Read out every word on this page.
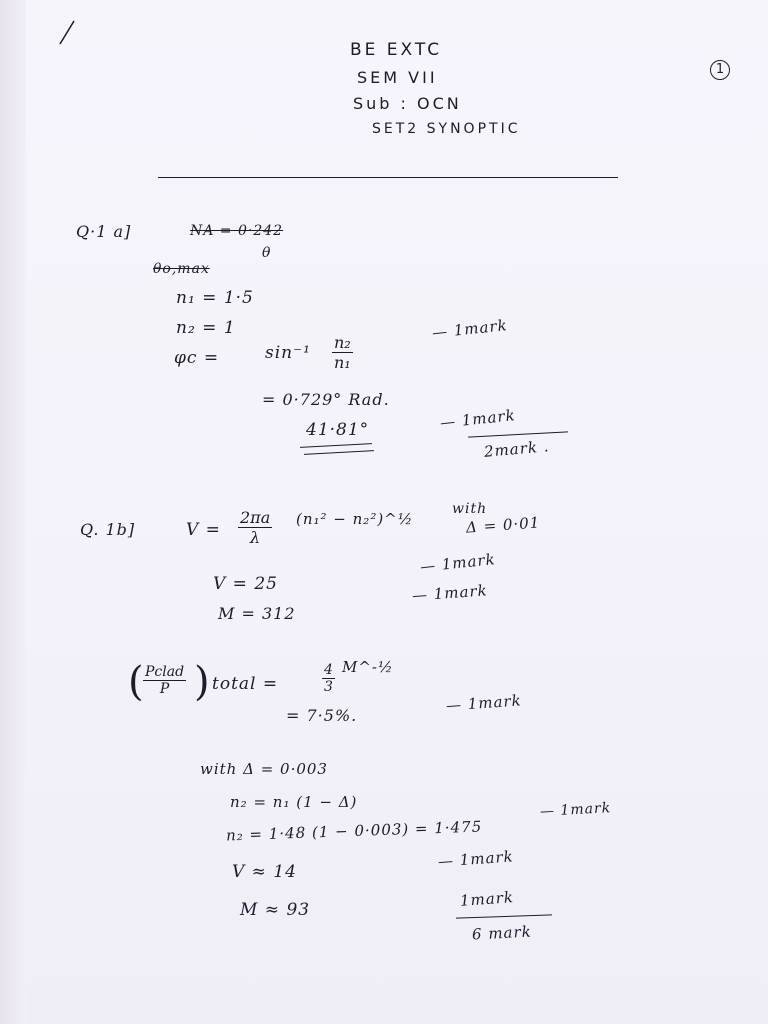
BE EXTC
SEM VII
Sub : OCN
SET2 SYNOPTIC
1
Q·1 a]	NA = 0·242
θ
θo,max
n₁ = 1·5
n₂ = 1
φc =	$\sin^{-1} \frac{\text{n₂}}{\text{n₁}}$
— 1mark
= 0·729° Rad.
41·81°	— 1mark
2mark .
Q. 1b]	$V = \frac{2\pi a}{\lambda} (n_1^2$ − n₂²)^½
with
Δ = 0·01
V = 25
— 1mark
M = 312
— 1mark
( Pclad
P ) total =	$\frac{4}{3}$ M^-½
= 7·5%.
— 1mark
with Δ = 0·003
n₂ = n₁ (1 − Δ)
n₂ = 1·48 (1 − 0·003) = 1·475
— 1mark
V ≈ 14
— 1mark
M ≈ 93
1mark
6 mark
